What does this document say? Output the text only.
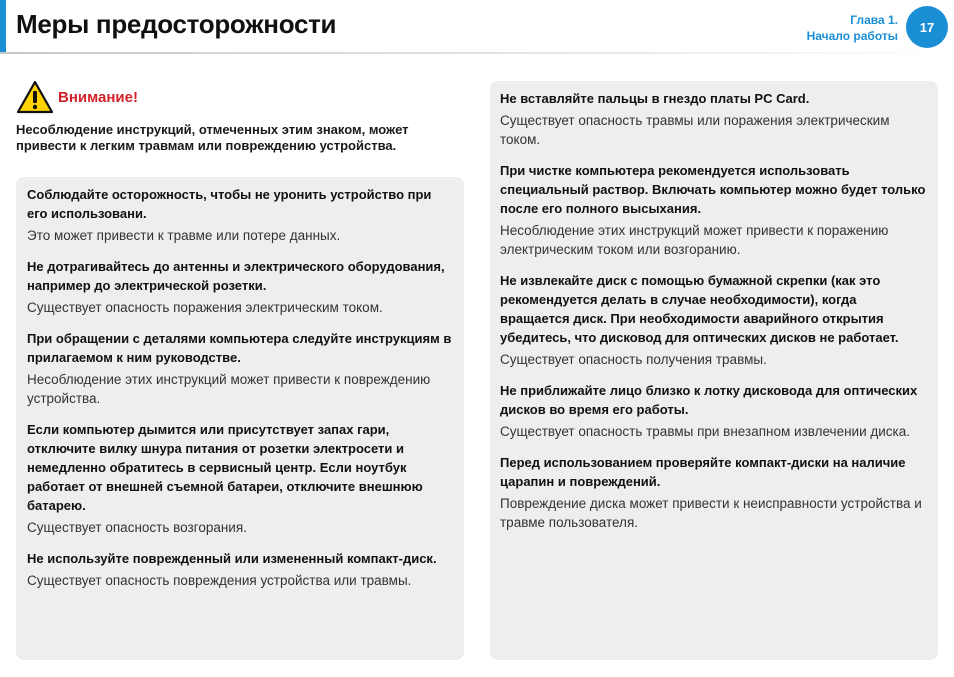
Меры предосторожности	Глава 1.
Начало работы
17
Внимание!
Несоблюдение инструкций, отмеченных этим знаком, может привести к легким травмам или повреждению устройства.
Соблюдайте осторожность, чтобы не уронить устройство при его использовани.
Это может привести к травме или потере данных.
Не дотрагивайтесь до антенны и электрического оборудования, например до электрической розетки.
Существует опасность поражения электрическим током.
При обращении с деталями компьютера следуйте инструкциям в прилагаемом к ним руководстве.
Несоблюдение этих инструкций может привести к повреждению устройства.
Если компьютер дымится или присутствует запах гари, отключите вилку шнура питания от розетки электросети и немедленно обратитесь в сервисный центр. Если ноутбук работает от внешней съемной батареи, отключите внешнюю батарею.
Существует опасность возгорания.
Не используйте поврежденный или измененный компакт-диск.
Существует опасность повреждения устройства или травмы.
Не вставляйте пальцы в гнездо платы PC Card.
Существует опасность травмы или поражения электрическим током.
При чистке компьютера рекомендуется использовать специальный раствор. Включать компьютер можно будет только после его полного высыхания.
Несоблюдение этих инструкций может привести к поражению электрическим током или возгоранию.
Не извлекайте диск с помощью бумажной скрепки (как это рекомендуется делать в случае необходимости), когда вращается диск. При необходимости аварийного открытия убедитесь, что дисковод для оптических дисков не работает.
Существует опасность получения травмы.
Не приближайте лицо близко к лотку дисковода для оптических дисков во время его работы.
Существует опасность травмы при внезапном извлечении диска.
Перед использованием проверяйте компакт-диски на наличие царапин и повреждений.
Повреждение диска может привести к неисправности устройства и травме пользователя.
